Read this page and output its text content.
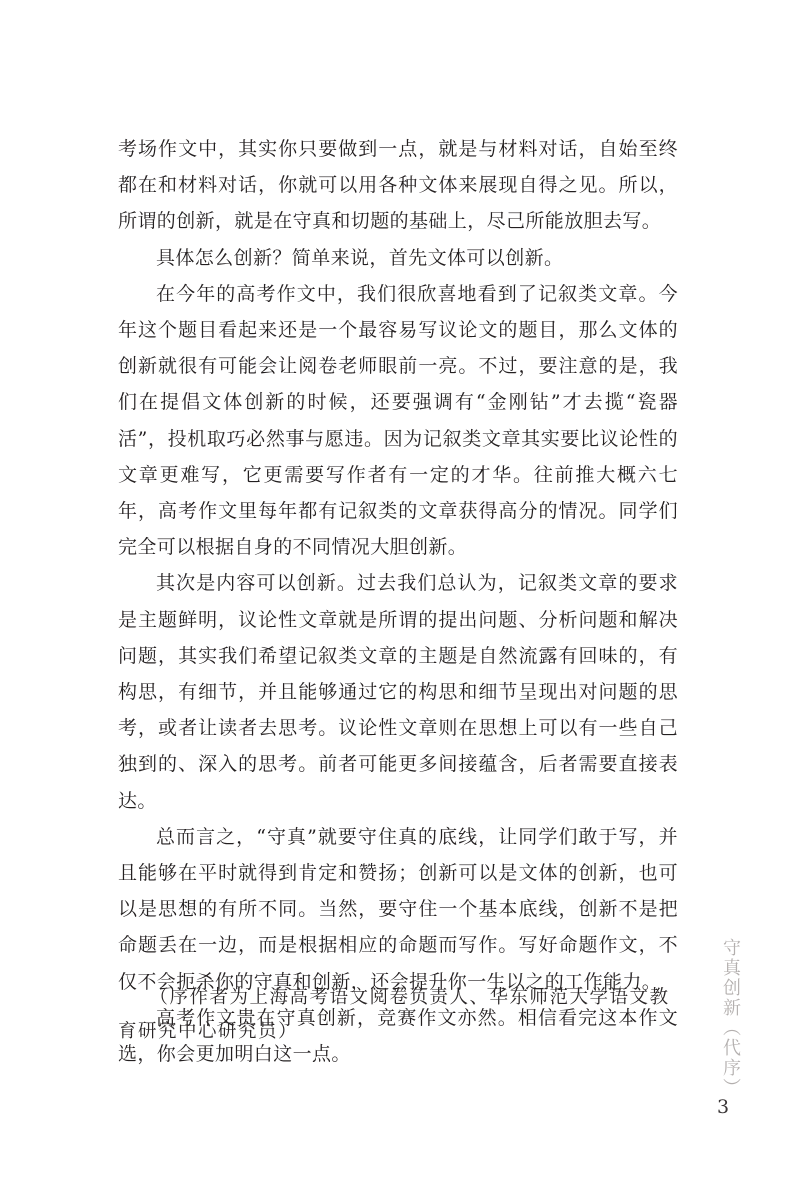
考场作文中，其实你只要做到一点，就是与材料对话，自始至终都在和材料对话，你就可以用各种文体来展现自得之见。所以，所谓的创新，就是在守真和切题的基础上，尽己所能放胆去写。

具体怎么创新？简单来说，首先文体可以创新。

在今年的高考作文中，我们很欣喜地看到了记叙类文章。今年这个题目看起来还是一个最容易写议论文的题目，那么文体的创新就很有可能会让阅卷老师眼前一亮。不过，要注意的是，我们在提倡文体创新的时候，还要强调有“金刚钻”才去揽“瓷器活”，投机取巧必然事与愿违。因为记叙类文章其实要比议论性的文章更难写，它更需要写作者有一定的才华。往前推大概六七年，高考作文里每年都有记叙类的文章获得高分的情况。同学们完全可以根据自身的不同情况大胆创新。

其次是内容可以创新。过去我们总认为，记叙类文章的要求是主题鲜明，议论性文章就是所谓的提出问题、分析问题和解决问题，其实我们希望记叙类文章的主题是自然流露有回味的，有构思，有细节，并且能够通过它的构思和细节呈现出对问题的思考，或者让读者去思考。议论性文章则在思想上可以有一些自己独到的、深入的思考。前者可能更多间接蕴含，后者需要直接表达。

总而言之，“守真”就要守住真的底线，让同学们敢于写，并且能够在平时就得到肯定和赞扬；创新可以是文体的创新，也可以是思想的有所不同。当然，要守住一个基本底线，创新不是把命题丢在一边，而是根据相应的命题而写作。写好命题作文，不仅不会扼杀你的守真和创新，还会提升你一生以之的工作能力。

高考作文贵在守真创新，竞赛作文亦然。相信看完这本作文选，你会更加明白这一点。

（序作者为上海高考语文阅卷负责人、华东师范大学语文教育研究中心研究员）	守真创新（代序）
3
